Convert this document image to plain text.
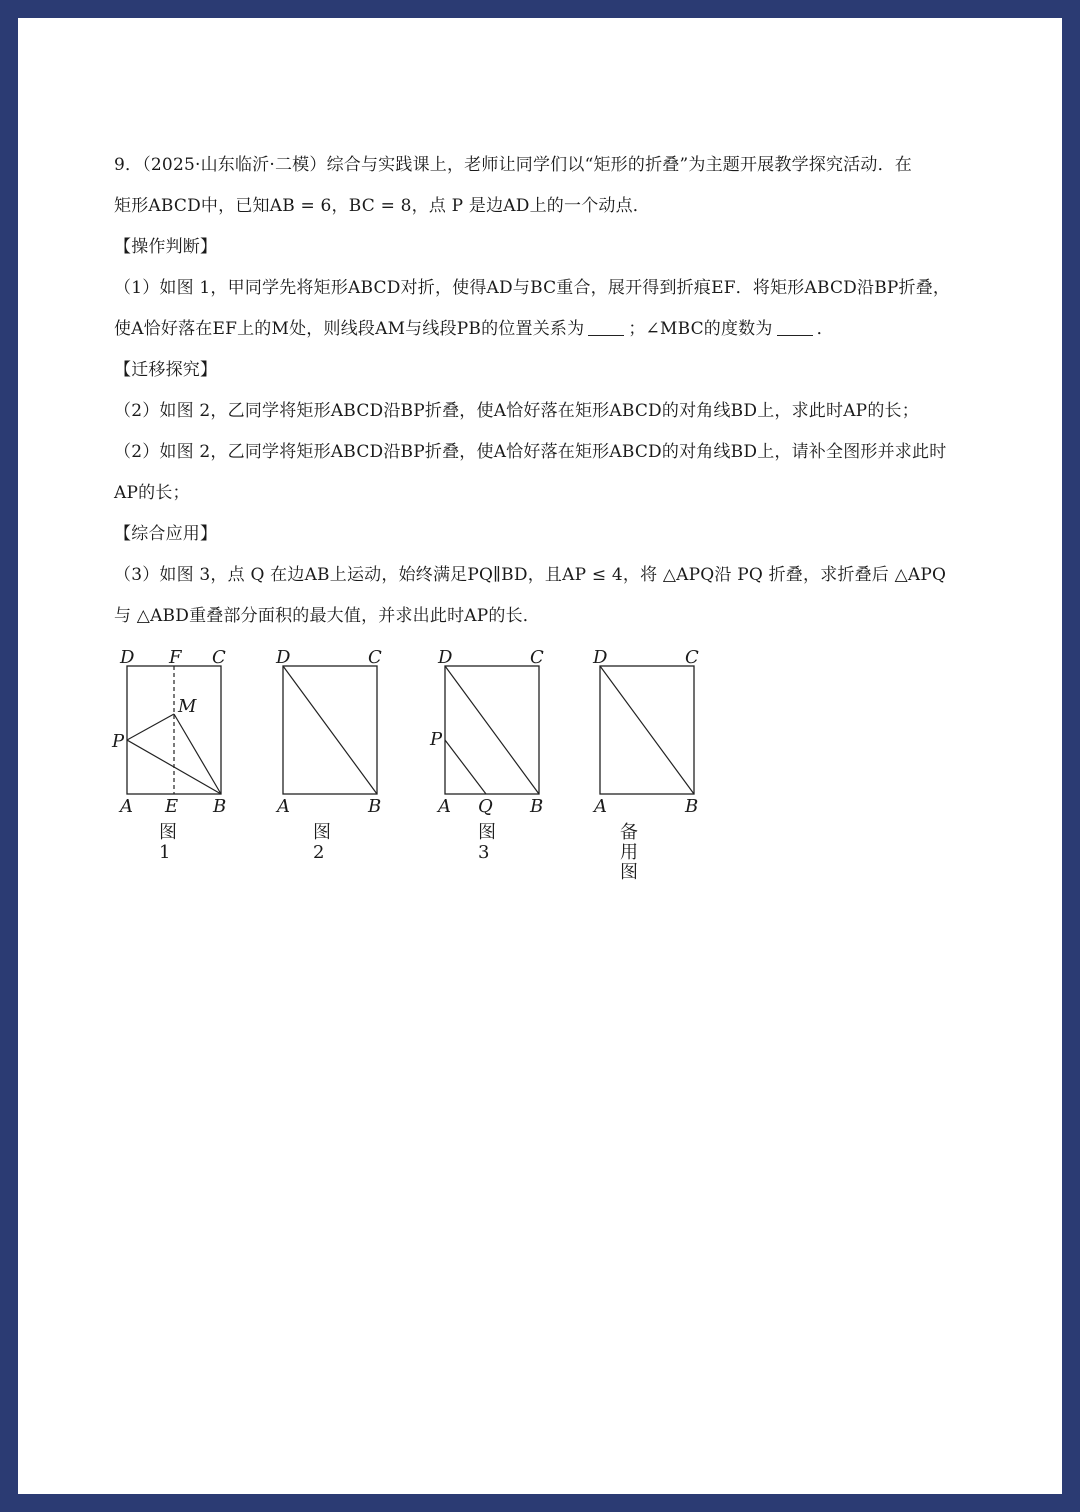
9．（2025·山东临沂·二模）综合与实践课上，老师让同学们以“矩形的折叠”为主题开展教学探究活动．在
矩形ABCD中，已知AB = 6，BC = 8，点 P 是边AD上的一个动点．
【操作判断】
（1）如图 1，甲同学先将矩形ABCD对折，使得AD与BC重合，展开得到折痕EF．将矩形ABCD沿BP折叠，
使A恰好落在EF上的M处，则线段AM与线段PB的位置关系为	；∠MBC的度数为	．
【迁移探究】
（2）如图 2，乙同学将矩形ABCD沿BP折叠，使A恰好落在矩形ABCD的对角线BD上，求此时AP的长；
（2）如图 2，乙同学将矩形ABCD沿BP折叠，使A恰好落在矩形ABCD的对角线BD上，请补全图形并求此时
AP的长；
【综合应用】
（3）如图 3，点 Q 在边AB上运动，始终满足PQ∥BD，且AP ≤ 4，将 △APQ沿 PQ 折叠，求折叠后 △APQ
与 △ABD重叠部分面积的最大值，并求出此时AP的长．
D F C
M
P
A E B
图1
D	C
A	B
图2
D	C
P
A Q B
图3
D	C
A	B
备用图
